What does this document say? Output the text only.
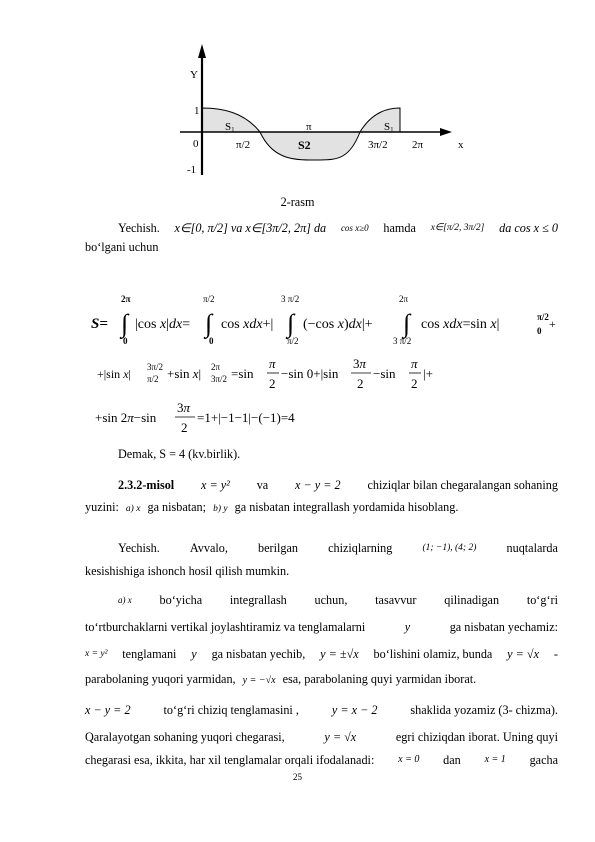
Y
1
0
-1
π/2
π
3π/2 2π	x
S1
S2
S1
2-rasm
Yechish. x∈[0, π/2] va x∈[3π/2, 2π] da cos x≥0 hamda x∈[π/2, 3π/2] da cos x ≤ 0
bo‘lgani uchun
S= ∫
2π
0
|cos x|dx= ∫
π/2
0
cos xdx+| ∫
3 π/2
π/2
(−cos x)dx|+ ∫
2π
3 π/2
cos xdx=sin x|	π/2
0 +
+|sin x| 3π/2
π/2 +sin x| 2π
3π/2 =sin
π
2
−sin 0+|sin
3π
2
−sin
π
2
|+
+sin 2π−sin
3π
2
=1+|−1−1|−(−1)=4
Demak, S = 4 (kv.birlik).
2.3.2-misol x = y² va x − y = 2 chiziqlar bilan chegaralangan sohaning
yuzini: a) x ga nisbatan; b) y ga nisbatan integrallash yordamida hisoblang.
Yechish. Avvalo, berilgan chiziqlarning	(1; −1), (4; 2) nuqtalarda
kesishishiga ishonch hosil qilish mumkin.
a) x bo‘yicha integrallash uchun, tasavvur qilinadigan to‘g‘ri
to‘rtburchaklarni vertikal joylashtiramiz va tenglamalarni	y	ga nisbatan yechamiz:
x = y² tenglamani y ga nisbatan yechib, y = ±√x bo‘lishini olamiz, bunda y = √x -
parabolaning yuqori yarmidan, y = −√x esa, parabolaning quyi yarmidan iborat.
x − y = 2	to‘g‘ri chiziq tenglamasini ,	y = x − 2	shaklida yozamiz (3- chizma).
Qaralayotgan sohaning yuqori chegarasi,	y = √x	egri chiziqdan iborat. Uning quyi
chegarasi esa, ikkita, har xil tenglamalar orqali ifodalanadi: x = 0 dan x = 1 gacha
25
